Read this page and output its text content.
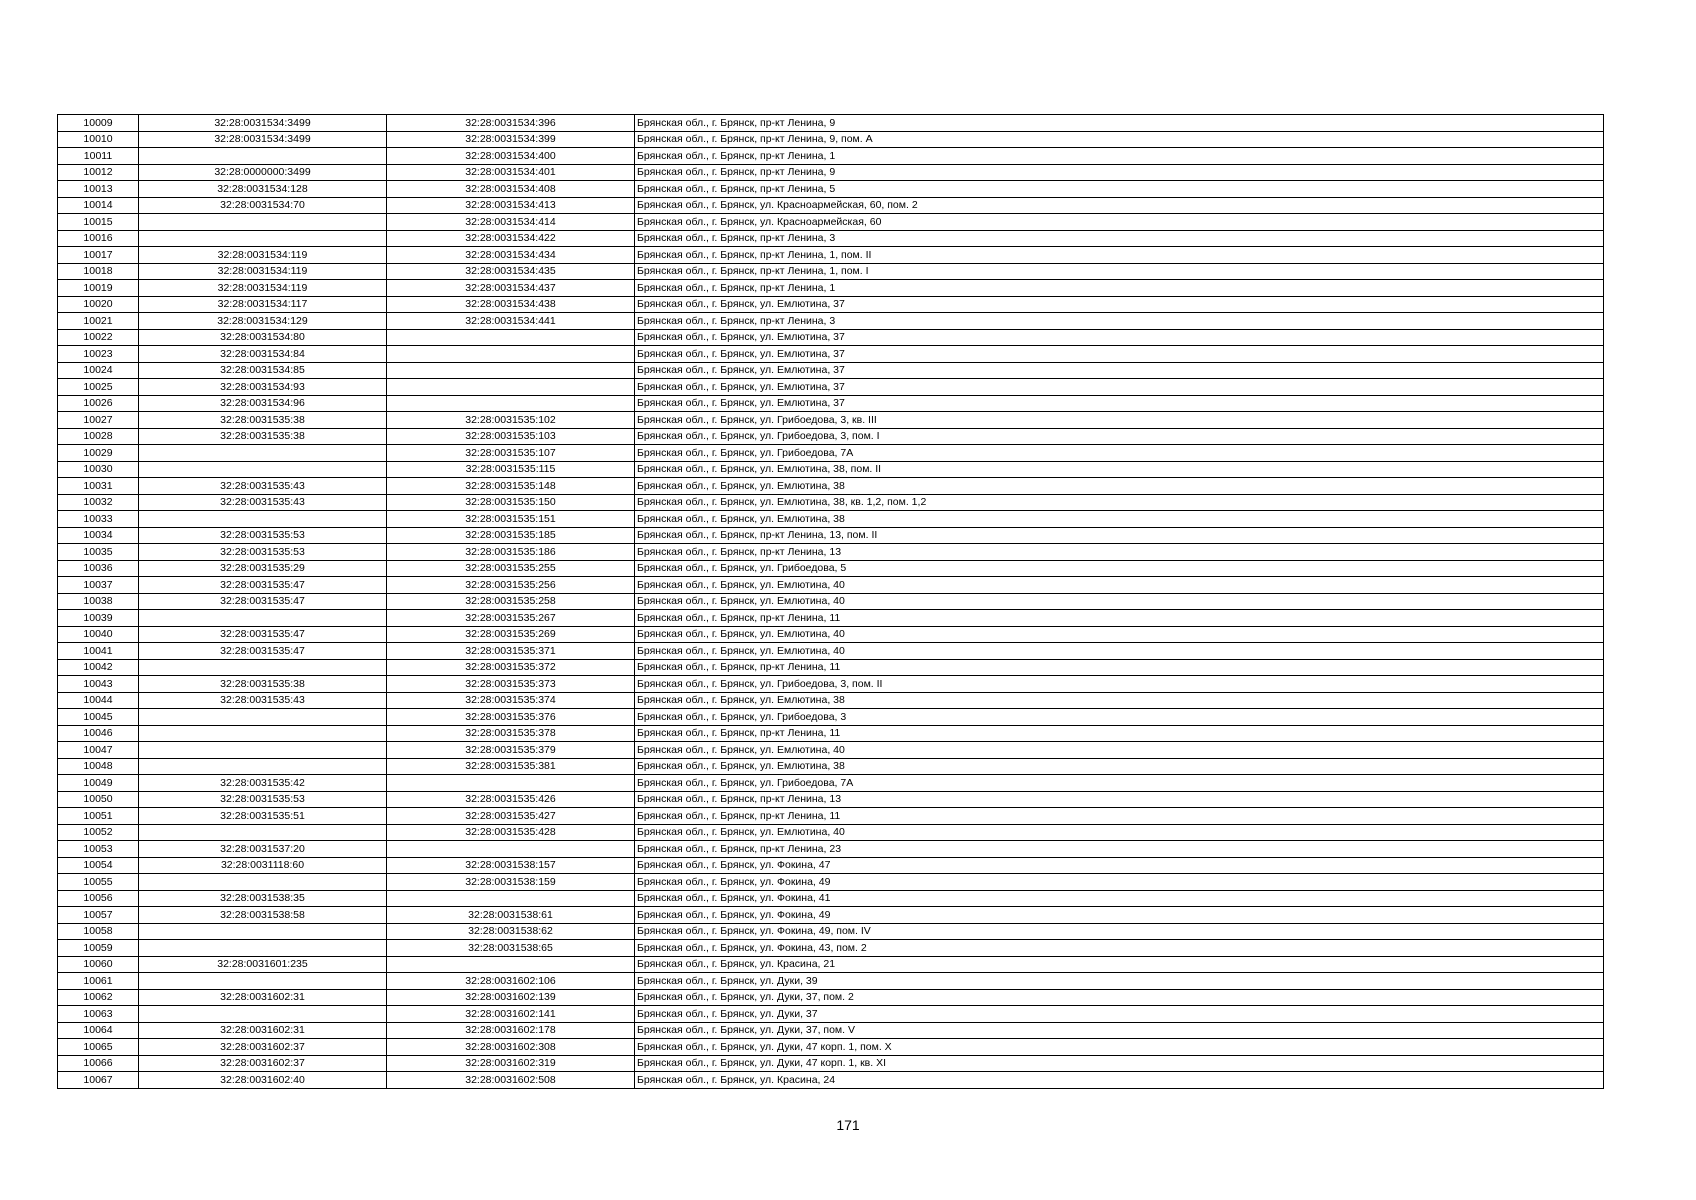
10009	32:28:0031534:3499	32:28:0031534:396	Брянская обл., г. Брянск, пр-кт Ленина, 9
10010	32:28:0031534:3499	32:28:0031534:399	Брянская обл., г. Брянск, пр-кт Ленина, 9, пом. А
10011		32:28:0031534:400	Брянская обл., г. Брянск, пр-кт Ленина, 1
10012	32:28:0000000:3499	32:28:0031534:401	Брянская обл., г. Брянск, пр-кт Ленина, 9
10013	32:28:0031534:128	32:28:0031534:408	Брянская обл., г. Брянск, пр-кт Ленина, 5
10014	32:28:0031534:70	32:28:0031534:413	Брянская обл., г. Брянск, ул. Красноармейская, 60, пом. 2
10015		32:28:0031534:414	Брянская обл., г. Брянск, ул. Красноармейская, 60
10016		32:28:0031534:422	Брянская обл., г. Брянск, пр-кт Ленина, 3
10017	32:28:0031534:119	32:28:0031534:434	Брянская обл., г. Брянск, пр-кт Ленина, 1, пом. II
10018	32:28:0031534:119	32:28:0031534:435	Брянская обл., г. Брянск, пр-кт Ленина, 1, пом. I
10019	32:28:0031534:119	32:28:0031534:437	Брянская обл., г. Брянск, пр-кт Ленина, 1
10020	32:28:0031534:117	32:28:0031534:438	Брянская обл., г. Брянск, ул. Емлютина, 37
10021	32:28:0031534:129	32:28:0031534:441	Брянская обл., г. Брянск, пр-кт Ленина, 3
10022	32:28:0031534:80		Брянская обл., г. Брянск, ул. Емлютина, 37
10023	32:28:0031534:84		Брянская обл., г. Брянск, ул. Емлютина, 37
10024	32:28:0031534:85		Брянская обл., г. Брянск, ул. Емлютина, 37
10025	32:28:0031534:93		Брянская обл., г. Брянск, ул. Емлютина, 37
10026	32:28:0031534:96		Брянская обл., г. Брянск, ул. Емлютина, 37
10027	32:28:0031535:38	32:28:0031535:102	Брянская обл., г. Брянск, ул. Грибоедова, 3, кв. III
10028	32:28:0031535:38	32:28:0031535:103	Брянская обл., г. Брянск, ул. Грибоедова, 3, пом. I
10029		32:28:0031535:107	Брянская обл., г. Брянск, ул. Грибоедова, 7А
10030		32:28:0031535:115	Брянская обл., г. Брянск, ул. Емлютина, 38, пом. II
10031	32:28:0031535:43	32:28:0031535:148	Брянская обл., г. Брянск, ул. Емлютина, 38
10032	32:28:0031535:43	32:28:0031535:150	Брянская обл., г. Брянск, ул. Емлютина, 38, кв. 1,2, пом. 1,2
10033		32:28:0031535:151	Брянская обл., г. Брянск, ул. Емлютина, 38
10034	32:28:0031535:53	32:28:0031535:185	Брянская обл., г. Брянск, пр-кт Ленина, 13, пом. II
10035	32:28:0031535:53	32:28:0031535:186	Брянская обл., г. Брянск, пр-кт Ленина, 13
10036	32:28:0031535:29	32:28:0031535:255	Брянская обл., г. Брянск, ул. Грибоедова, 5
10037	32:28:0031535:47	32:28:0031535:256	Брянская обл., г. Брянск, ул. Емлютина, 40
10038	32:28:0031535:47	32:28:0031535:258	Брянская обл., г. Брянск, ул. Емлютина, 40
10039		32:28:0031535:267	Брянская обл., г. Брянск, пр-кт Ленина, 11
10040	32:28:0031535:47	32:28:0031535:269	Брянская обл., г. Брянск, ул. Емлютина, 40
10041	32:28:0031535:47	32:28:0031535:371	Брянская обл., г. Брянск, ул. Емлютина, 40
10042		32:28:0031535:372	Брянская обл., г. Брянск, пр-кт Ленина, 11
10043	32:28:0031535:38	32:28:0031535:373	Брянская обл., г. Брянск, ул. Грибоедова, 3, пом. II
10044	32:28:0031535:43	32:28:0031535:374	Брянская обл., г. Брянск, ул. Емлютина, 38
10045		32:28:0031535:376	Брянская обл., г. Брянск, ул. Грибоедова, 3
10046		32:28:0031535:378	Брянская обл., г. Брянск, пр-кт Ленина, 11
10047		32:28:0031535:379	Брянская обл., г. Брянск, ул. Емлютина, 40
10048		32:28:0031535:381	Брянская обл., г. Брянск, ул. Емлютина, 38
10049	32:28:0031535:42		Брянская обл., г. Брянск, ул. Грибоедова, 7А
10050	32:28:0031535:53	32:28:0031535:426	Брянская обл., г. Брянск, пр-кт Ленина, 13
10051	32:28:0031535:51	32:28:0031535:427	Брянская обл., г. Брянск, пр-кт Ленина, 11
10052		32:28:0031535:428	Брянская обл., г. Брянск, ул. Емлютина, 40
10053	32:28:0031537:20		Брянская обл., г. Брянск, пр-кт Ленина, 23
10054	32:28:0031118:60	32:28:0031538:157	Брянская обл., г. Брянск, ул. Фокина, 47
10055		32:28:0031538:159	Брянская обл., г. Брянск, ул. Фокина, 49
10056	32:28:0031538:35		Брянская обл., г. Брянск, ул. Фокина, 41
10057	32:28:0031538:58	32:28:0031538:61	Брянская обл., г. Брянск, ул. Фокина, 49
10058		32:28:0031538:62	Брянская обл., г. Брянск, ул. Фокина, 49, пом. IV
10059		32:28:0031538:65	Брянская обл., г. Брянск, ул. Фокина, 43, пом. 2
10060	32:28:0031601:235		Брянская обл., г. Брянск, ул. Красина, 21
10061		32:28:0031602:106	Брянская обл., г. Брянск, ул. Дуки, 39
10062	32:28:0031602:31	32:28:0031602:139	Брянская обл., г. Брянск, ул. Дуки, 37, пом. 2
10063		32:28:0031602:141	Брянская обл., г. Брянск, ул. Дуки, 37
10064	32:28:0031602:31	32:28:0031602:178	Брянская обл., г. Брянск, ул. Дуки, 37, пом. V
10065	32:28:0031602:37	32:28:0031602:308	Брянская обл., г. Брянск, ул. Дуки, 47 корп. 1, пом. X
10066	32:28:0031602:37	32:28:0031602:319	Брянская обл., г. Брянск, ул. Дуки, 47 корп. 1, кв. XI
10067	32:28:0031602:40	32:28:0031602:508	Брянская обл., г. Брянск, ул. Красина, 24
171
